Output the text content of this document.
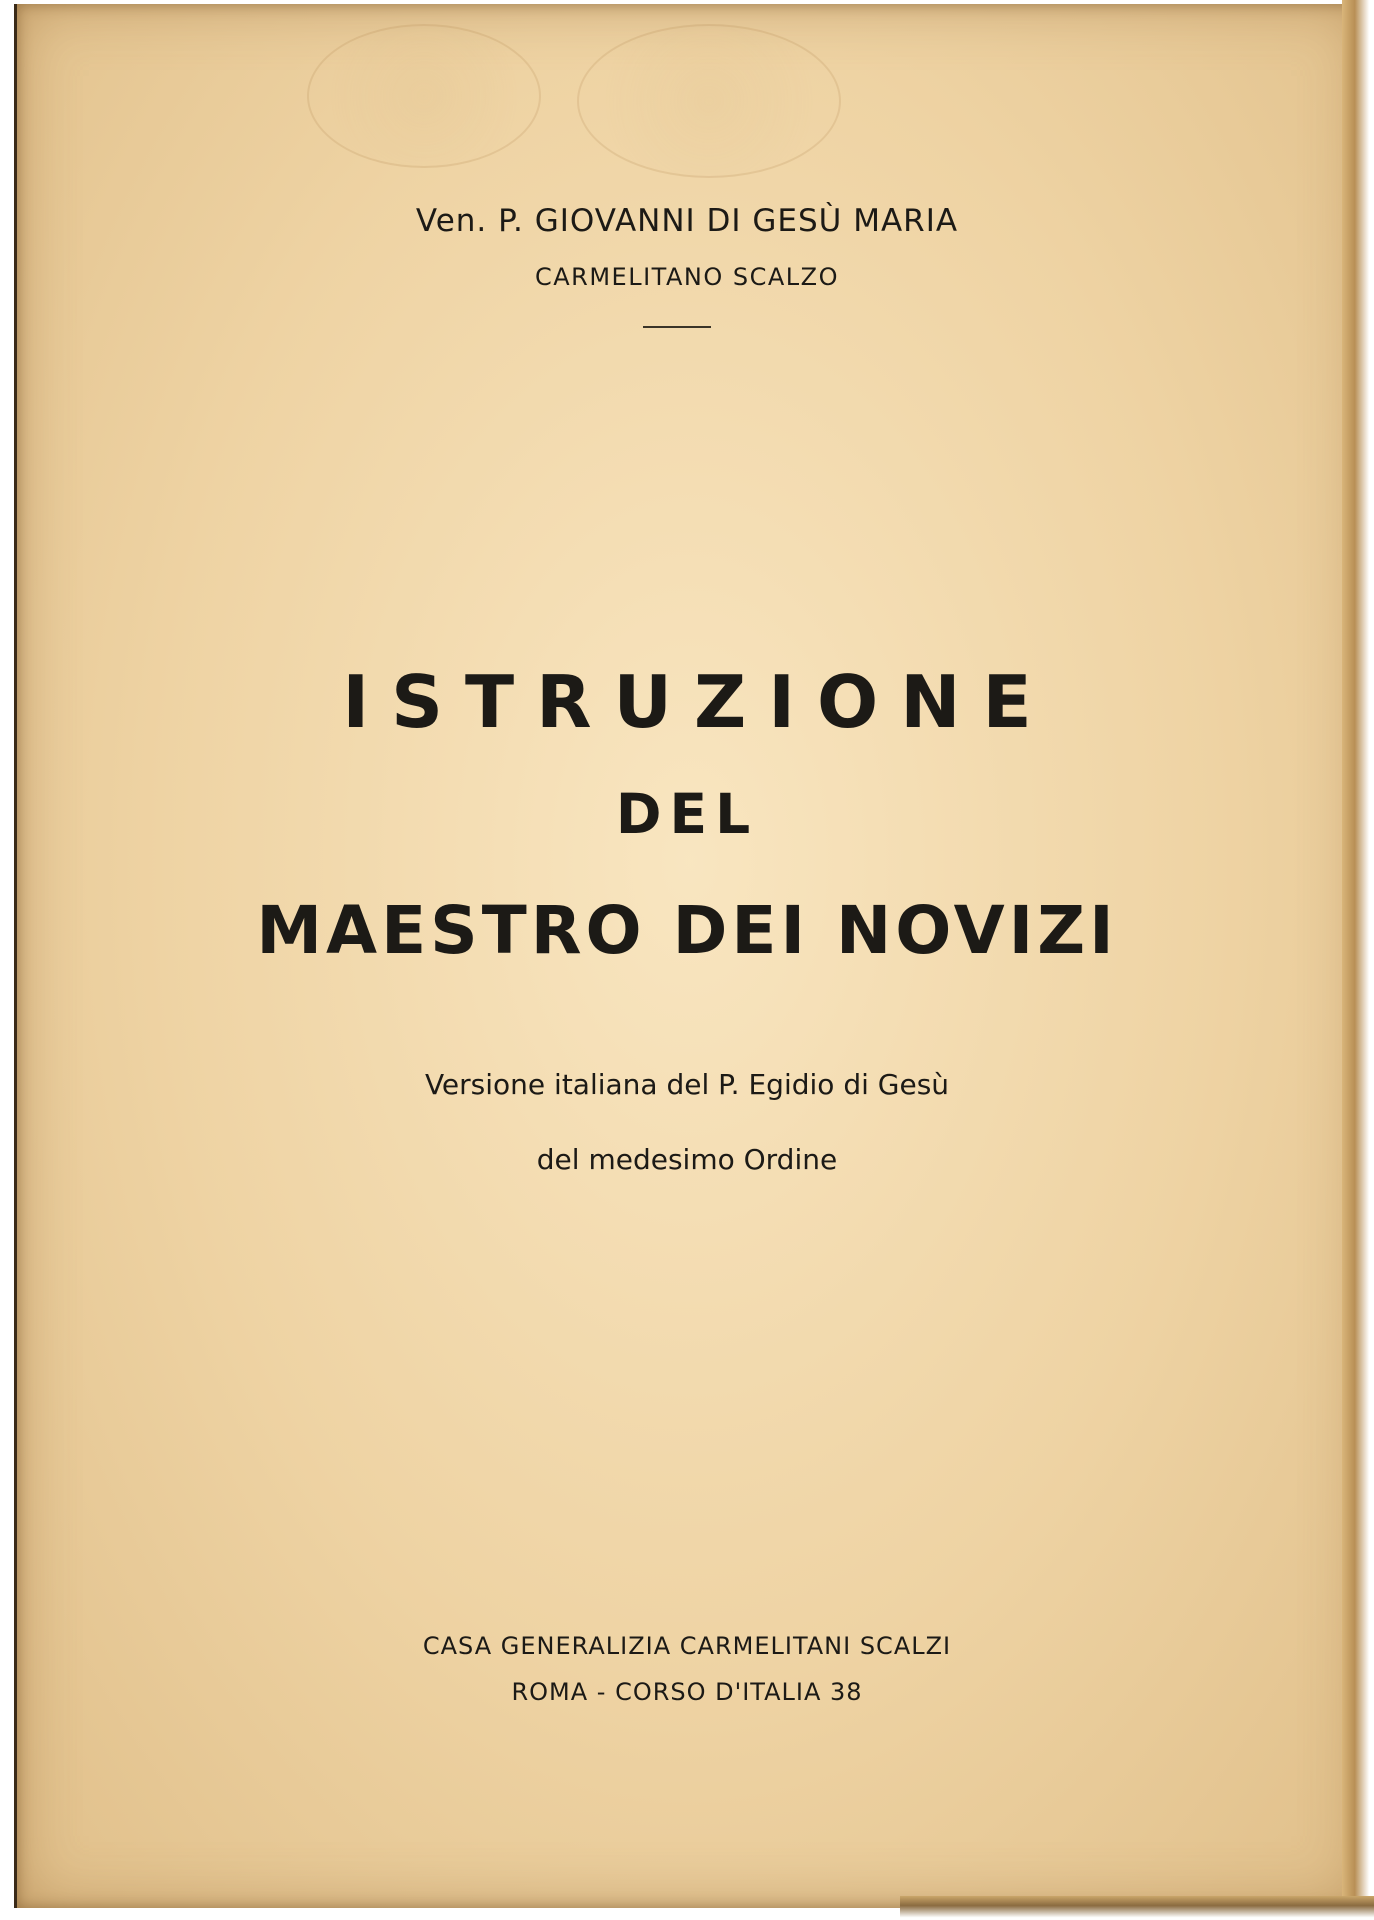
Ven. P. GIOVANNI DI GESÙ MARIA
CARMELITANO SCALZO
ISTRUZIONE
DEL
MAESTRO DEI NOVIZI
Versione italiana del P. Egidio di Gesù
del medesimo Ordine
CASA GENERALIZIA CARMELITANI SCALZI
ROMA - CORSO D'ITALIA 38
